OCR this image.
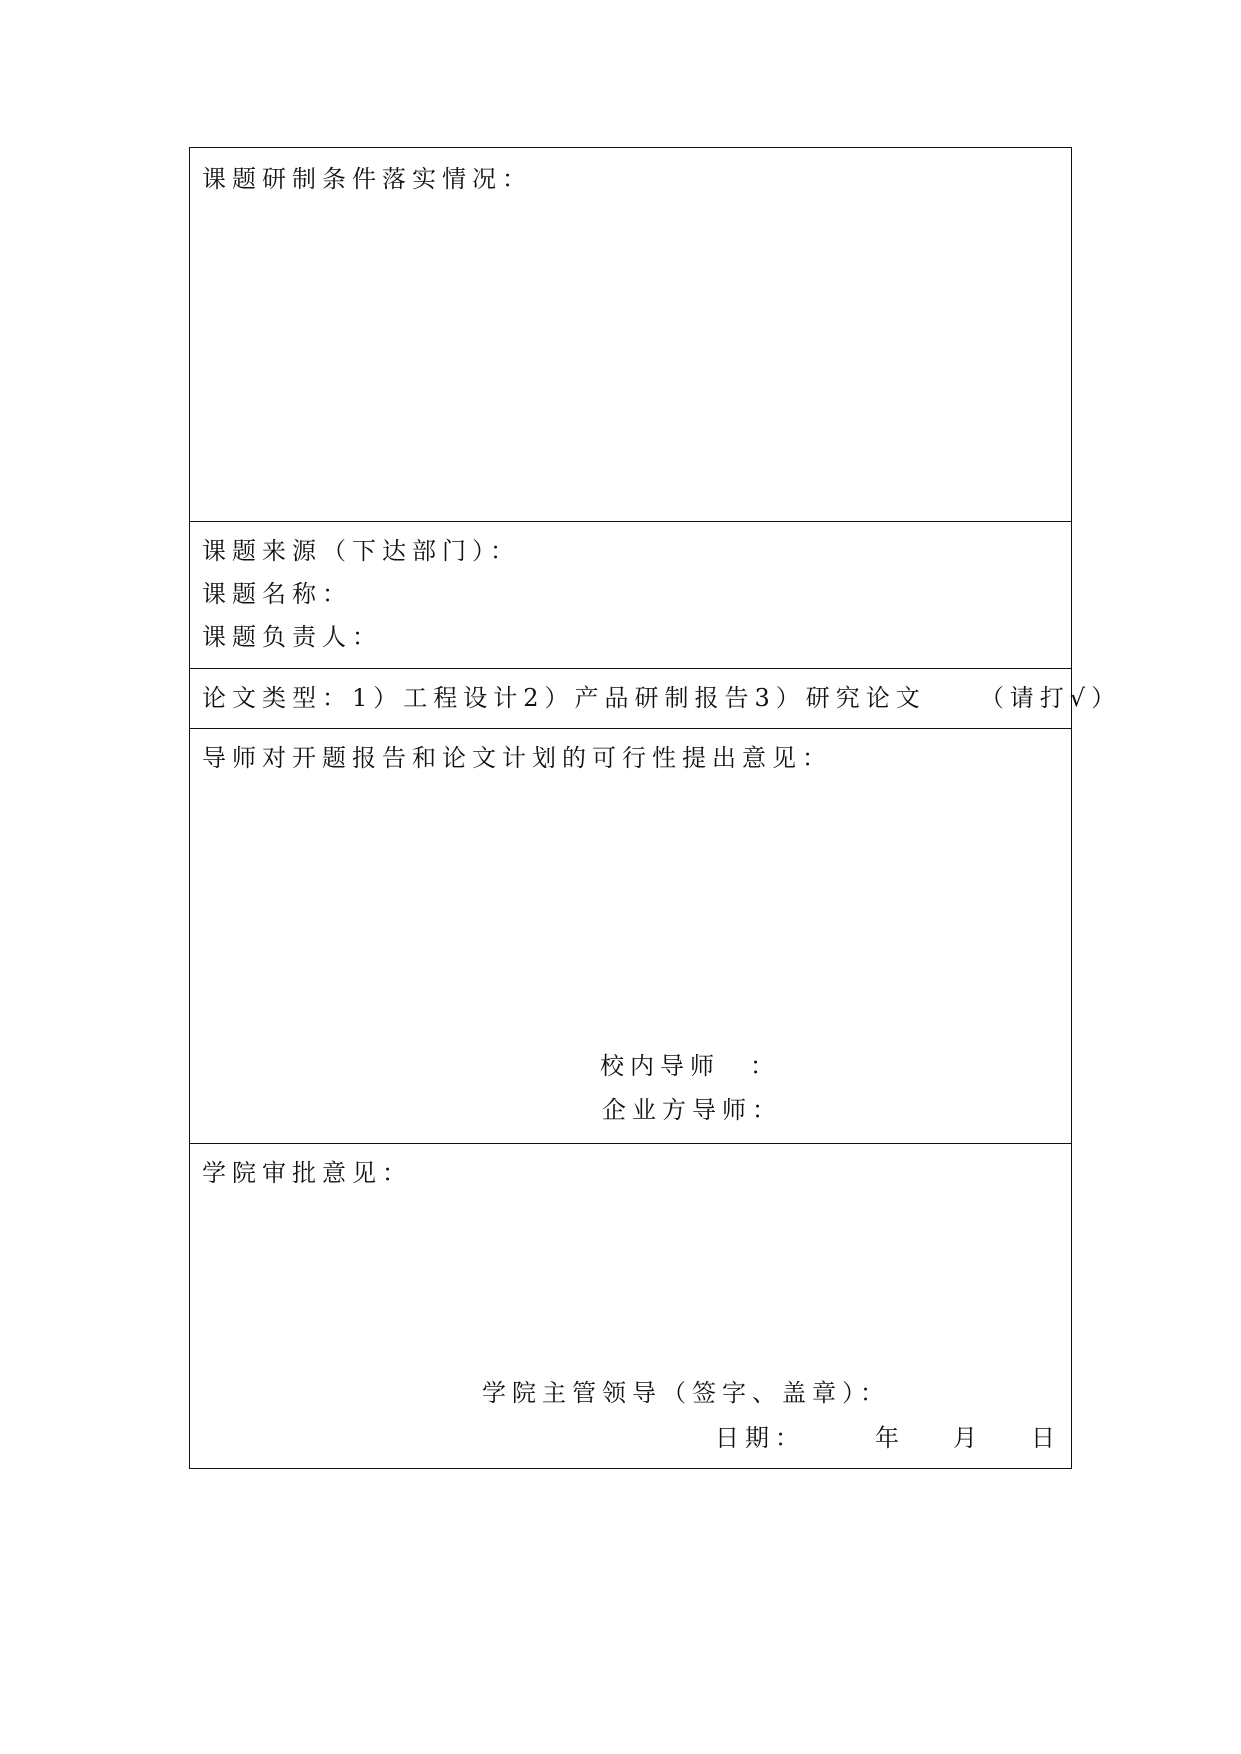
课题研制条件落实情况：
课题来源（下达部门）：
课题名称：
课题负责人：
论文类型：1）工程设计2）产品研制报告3）研究论文 （请打√）
导师对开题报告和论文计划的可行性提出意见：
校内导师 ：
企业方导师：
学院审批意见：
学院主管领导（签字、盖章）：
日期：	年 月 日
